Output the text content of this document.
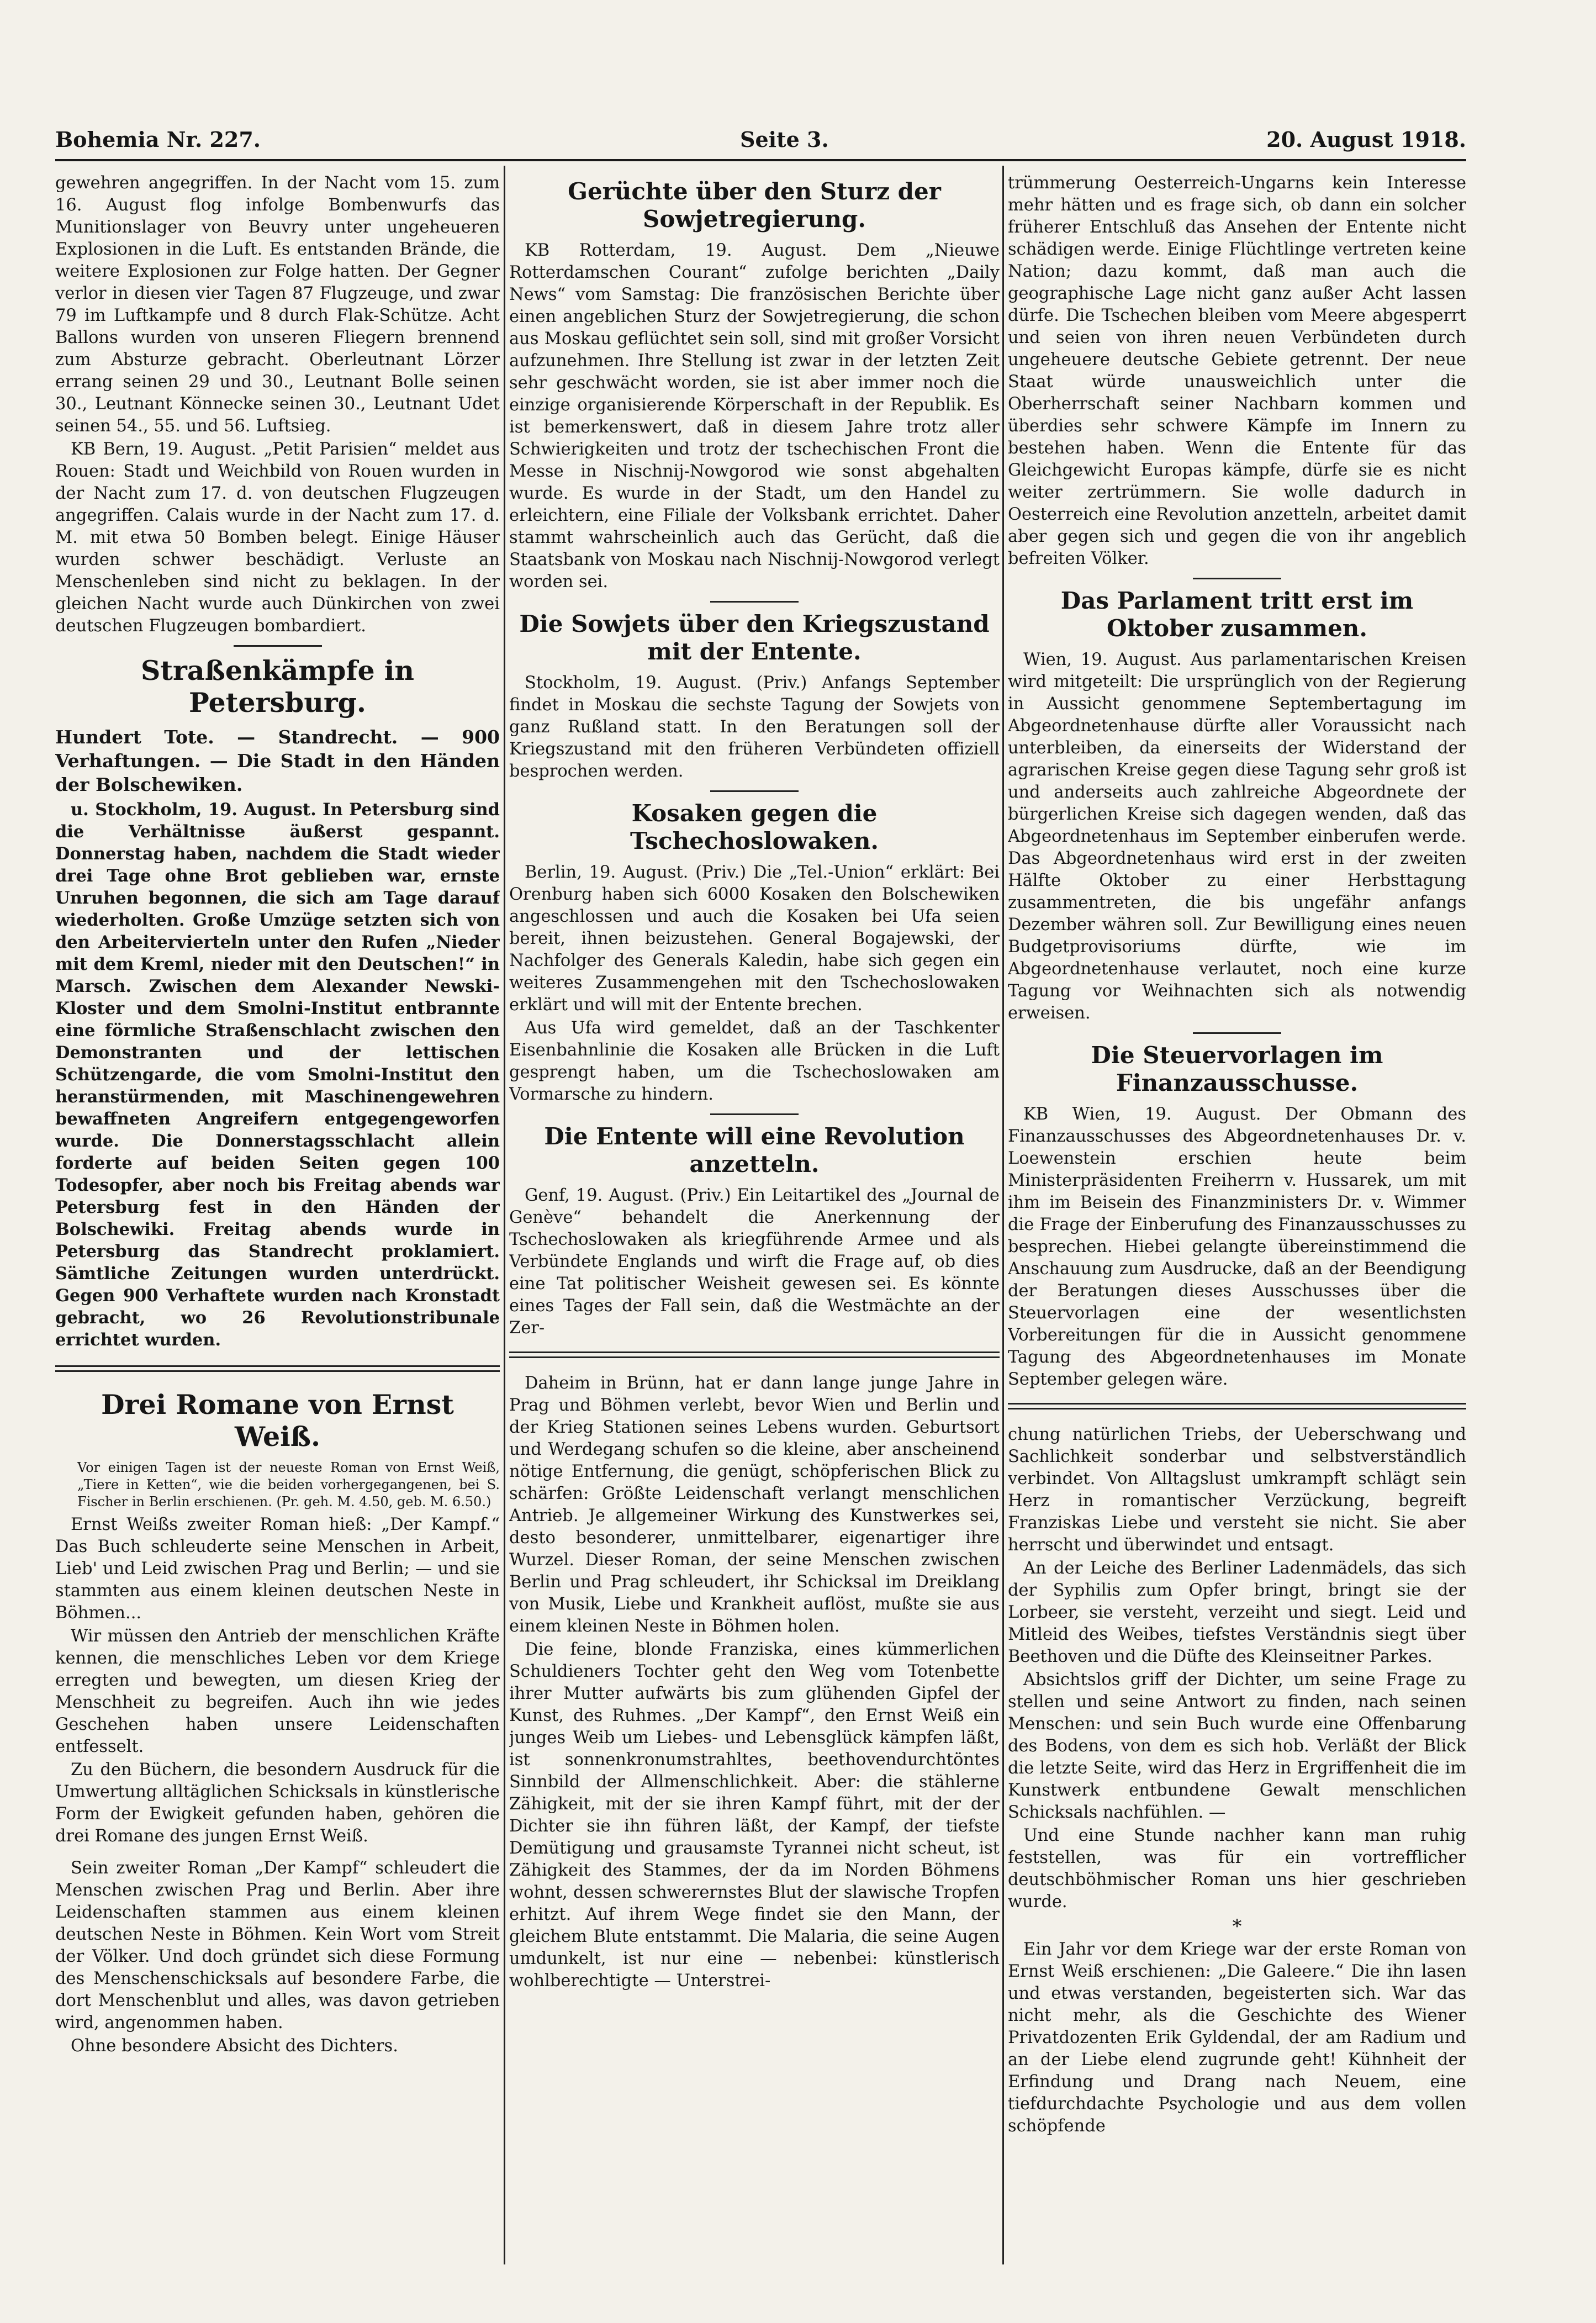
Bohemia Nr. 227.	Seite 3.	20. August 1918.

gewehren angegriffen. In der Nacht vom 15. zum 16. August flog infolge Bombenwurfs das Munitionslager von Beuvry unter ungeheueren Explosionen in die Luft. Es entstanden Brände, die weitere Explosionen zur Folge hatten. Der Gegner verlor in diesen vier Tagen 87 Flugzeuge, und zwar 79 im Luftkampfe und 8 durch Flak-Schütze. Acht Ballons wurden von unseren Fliegern brennend zum Absturze gebracht. Oberleutnant Lörzer errang seinen 29 und 30., Leutnant Bolle seinen 30., Leutnant Könnecke seinen 30., Leutnant Udet seinen 54., 55. und 56. Luftsieg.

KB Bern, 19. August. „Petit Parisien“ meldet aus Rouen: Stadt und Weichbild von Rouen wurden in der Nacht zum 17. d. von deutschen Flugzeugen angegriffen. Calais wurde in der Nacht zum 17. d. M. mit etwa 50 Bomben belegt. Einige Häuser wurden schwer beschädigt. Verluste an Menschenleben sind nicht zu beklagen. In der gleichen Nacht wurde auch Dünkirchen von zwei deutschen Flugzeugen bombardiert.

Straßenkämpfe in Petersburg.

Hundert Tote. — Standrecht. — 900 Verhaftungen. — Die Stadt in den Händen der Bolschewiken.

u. Stockholm, 19. August. In Petersburg sind die Verhältnisse äußerst gespannt. Donnerstag haben, nachdem die Stadt wieder drei Tage ohne Brot geblieben war, ernste Unruhen begonnen, die sich am Tage darauf wiederholten. Große Umzüge setzten sich von den Arbeitervierteln unter den Rufen „Nieder mit dem Kreml, nieder mit den Deutschen!“ in Marsch. Zwischen dem Alexander Newski-Kloster und dem Smolni-Institut entbrannte eine förmliche Straßenschlacht zwischen den Demonstranten und der lettischen Schützengarde, die vom Smolni-Institut den heranstürmenden, mit Maschinengewehren bewaffneten Angreifern entgegengeworfen wurde. Die Donnerstagsschlacht allein forderte auf beiden Seiten gegen 100 Todesopfer, aber noch bis Freitag abends war Petersburg fest in den Händen der Bolschewiki. Freitag abends wurde in Petersburg das Standrecht proklamiert. Sämtliche Zeitungen wurden unterdrückt. Gegen 900 Verhaftete wurden nach Kronstadt gebracht, wo 26 Revolutionstribunale errichtet wurden.

Drei Romane von Ernst Weiß.

Vor einigen Tagen ist der neueste Roman von Ernst Weiß, „Tiere in Ketten“, wie die beiden vorhergegangenen, bei S. Fischer in Berlin erschienen. (Pr. geh. M. 4.50, geb. M. 6.50.)

Ernst Weißs zweiter Roman hieß: „Der Kampf.“ Das Buch schleuderte seine Menschen in Arbeit, Lieb' und Leid zwischen Prag und Berlin; — und sie stammten aus einem kleinen deutschen Neste in Böhmen...

Wir müssen den Antrieb der menschlichen Kräfte kennen, die menschliches Leben vor dem Kriege erregten und bewegten, um diesen Krieg der Menschheit zu begreifen. Auch ihn wie jedes Geschehen haben unsere Leidenschaften entfesselt.

Zu den Büchern, die besondern Ausdruck für die Umwertung alltäglichen Schicksals in künstlerische Form der Ewigkeit gefunden haben, gehören die drei Romane des jungen Ernst Weiß.

Sein zweiter Roman „Der Kampf“ schleudert die Menschen zwischen Prag und Berlin. Aber ihre Leidenschaften stammen aus einem kleinen deutschen Neste in Böhmen. Kein Wort vom Streit der Völker. Und doch gründet sich diese Formung des Menschenschicksals auf besondere Farbe, die dort Menschenblut und alles, was davon getrieben wird, angenommen haben.

Ohne besondere Absicht des Dichters.

Gerüchte über den Sturz der Sowjetregierung.

KB Rotterdam, 19. August. Dem „Nieuwe Rotterdamschen Courant“ zufolge berichten „Daily News“ vom Samstag: Die französischen Berichte über einen angeblichen Sturz der Sowjetregierung, die schon aus Moskau geflüchtet sein soll, sind mit großer Vorsicht aufzunehmen. Ihre Stellung ist zwar in der letzten Zeit sehr geschwächt worden, sie ist aber immer noch die einzige organisierende Körperschaft in der Republik. Es ist bemerkenswert, daß in diesem Jahre trotz aller Schwierigkeiten und trotz der tschechischen Front die Messe in Nischnij-Nowgorod wie sonst abgehalten wurde. Es wurde in der Stadt, um den Handel zu erleichtern, eine Filiale der Volksbank errichtet. Daher stammt wahrscheinlich auch das Gerücht, daß die Staatsbank von Moskau nach Nischnij-Nowgorod verlegt worden sei.

Die Sowjets über den Kriegszustand mit der Entente.

Stockholm, 19. August. (Priv.) Anfangs September findet in Moskau die sechste Tagung der Sowjets von ganz Rußland statt. In den Beratungen soll der Kriegszustand mit den früheren Verbündeten offiziell besprochen werden.

Kosaken gegen die Tschechoslowaken.

Berlin, 19. August. (Priv.) Die „Tel.-Union“ erklärt: Bei Orenburg haben sich 6000 Kosaken den Bolschewiken angeschlossen und auch die Kosaken bei Ufa seien bereit, ihnen beizustehen. General Bogajewski, der Nachfolger des Generals Kaledin, habe sich gegen ein weiteres Zusammengehen mit den Tschechoslowaken erklärt und will mit der Entente brechen.

Aus Ufa wird gemeldet, daß an der Taschkenter Eisenbahnlinie die Kosaken alle Brücken in die Luft gesprengt haben, um die Tschechoslowaken am Vormarsche zu hindern.

Die Entente will eine Revolution anzetteln.

Genf, 19. August. (Priv.) Ein Leitartikel des „Journal de Genève“ behandelt die Anerkennung der Tschechoslowaken als kriegführende Armee und als Verbündete Englands und wirft die Frage auf, ob dies eine Tat politischer Weisheit gewesen sei. Es könnte eines Tages der Fall sein, daß die Westmächte an der Zer-

Daheim in Brünn, hat er dann lange junge Jahre in Prag und Böhmen verlebt, bevor Wien und Berlin und der Krieg Stationen seines Lebens wurden. Geburtsort und Werdegang schufen so die kleine, aber anscheinend nötige Entfernung, die genügt, schöpferischen Blick zu schärfen: Größte Leidenschaft verlangt menschlichen Antrieb. Je allgemeiner Wirkung des Kunstwerkes sei, desto besonderer, unmittelbarer, eigenartiger ihre Wurzel. Dieser Roman, der seine Menschen zwischen Berlin und Prag schleudert, ihr Schicksal im Dreiklang von Musik, Liebe und Krankheit auflöst, mußte sie aus einem kleinen Neste in Böhmen holen.

Die feine, blonde Franziska, eines kümmerlichen Schuldieners Tochter geht den Weg vom Totenbette ihrer Mutter aufwärts bis zum glühenden Gipfel der Kunst, des Ruhmes. „Der Kampf“, den Ernst Weiß ein junges Weib um Liebes- und Lebensglück kämpfen läßt, ist sonnenkronumstrahltes, beethovendurchtöntes Sinnbild der Allmenschlichkeit. Aber: die stählerne Zähigkeit, mit der sie ihren Kampf führt, mit der der Dichter sie ihn führen läßt, der Kampf, der tiefste Demütigung und grausamste Tyrannei nicht scheut, ist Zähigkeit des Stammes, der da im Norden Böhmens wohnt, dessen schwerernstes Blut der slawische Tropfen erhitzt. Auf ihrem Wege findet sie den Mann, der gleichem Blute entstammt. Die Malaria, die seine Augen umdunkelt, ist nur eine — nebenbei: künstlerisch wohlberechtigte — Unterstrei-

trümmerung Oesterreich-Ungarns kein Interesse mehr hätten und es frage sich, ob dann ein solcher früherer Entschluß das Ansehen der Entente nicht schädigen werde. Einige Flüchtlinge vertreten keine Nation; dazu kommt, daß man auch die geographische Lage nicht ganz außer Acht lassen dürfe. Die Tschechen bleiben vom Meere abgesperrt und seien von ihren neuen Verbündeten durch ungeheuere deutsche Gebiete getrennt. Der neue Staat würde unausweichlich unter die Oberherrschaft seiner Nachbarn kommen und überdies sehr schwere Kämpfe im Innern zu bestehen haben. Wenn die Entente für das Gleichgewicht Europas kämpfe, dürfe sie es nicht weiter zertrümmern. Sie wolle dadurch in Oesterreich eine Revolution anzetteln, arbeitet damit aber gegen sich und gegen die von ihr angeblich befreiten Völker.

Das Parlament tritt erst im Oktober zusammen.

Wien, 19. August. Aus parlamentarischen Kreisen wird mitgeteilt: Die ursprünglich von der Regierung in Aussicht genommene Septembertagung im Abgeordnetenhause dürfte aller Voraussicht nach unterbleiben, da einerseits der Widerstand der agrarischen Kreise gegen diese Tagung sehr groß ist und anderseits auch zahlreiche Abgeordnete der bürgerlichen Kreise sich dagegen wenden, daß das Abgeordnetenhaus im September einberufen werde. Das Abgeordnetenhaus wird erst in der zweiten Hälfte Oktober zu einer Herbsttagung zusammentreten, die bis ungefähr anfangs Dezember währen soll. Zur Bewilligung eines neuen Budgetprovisoriums dürfte, wie im Abgeordnetenhause verlautet, noch eine kurze Tagung vor Weihnachten sich als notwendig erweisen.

Die Steuervorlagen im Finanzausschusse.

KB Wien, 19. August. Der Obmann des Finanzausschusses des Abgeordnetenhauses Dr. v. Loewenstein erschien heute beim Ministerpräsidenten Freiherrn v. Hussarek, um mit ihm im Beisein des Finanzministers Dr. v. Wimmer die Frage der Einberufung des Finanzausschusses zu besprechen. Hiebei gelangte übereinstimmend die Anschauung zum Ausdrucke, daß an der Beendigung der Beratungen dieses Ausschusses über die Steuervorlagen eine der wesentlichsten Vorbereitungen für die in Aussicht genommene Tagung des Abgeordnetenhauses im Monate September gelegen wäre.

chung natürlichen Triebs, der Ueberschwang und Sachlichkeit sonderbar und selbstverständlich verbindet. Von Alltagslust umkrampft schlägt sein Herz in romantischer Verzückung, begreift Franziskas Liebe und versteht sie nicht. Sie aber herrscht und überwindet und entsagt.

An der Leiche des Berliner Ladenmädels, das sich der Syphilis zum Opfer bringt, bringt sie der Lorbeer, sie versteht, verzeiht und siegt. Leid und Mitleid des Weibes, tiefstes Verständnis siegt über Beethoven und die Düfte des Kleinseitner Parkes.

Absichtslos griff der Dichter, um seine Frage zu stellen und seine Antwort zu finden, nach seinen Menschen: und sein Buch wurde eine Offenbarung des Bodens, von dem es sich hob. Verläßt der Blick die letzte Seite, wird das Herz in Ergriffenheit die im Kunstwerk entbundene Gewalt menschlichen Schicksals nachfühlen. —

Und eine Stunde nachher kann man ruhig feststellen, was für ein vortrefflicher deutschböhmischer Roman uns hier geschrieben wurde.

*

Ein Jahr vor dem Kriege war der erste Roman von Ernst Weiß erschienen: „Die Galeere.“ Die ihn lasen und etwas verstanden, begeisterten sich. War das nicht mehr, als die Geschichte des Wiener Privatdozenten Erik Gyldendal, der am Radium und an der Liebe elend zugrunde geht! Kühnheit der Erfindung und Drang nach Neuem, eine tiefdurchdachte Psychologie und aus dem vollen schöpfende
